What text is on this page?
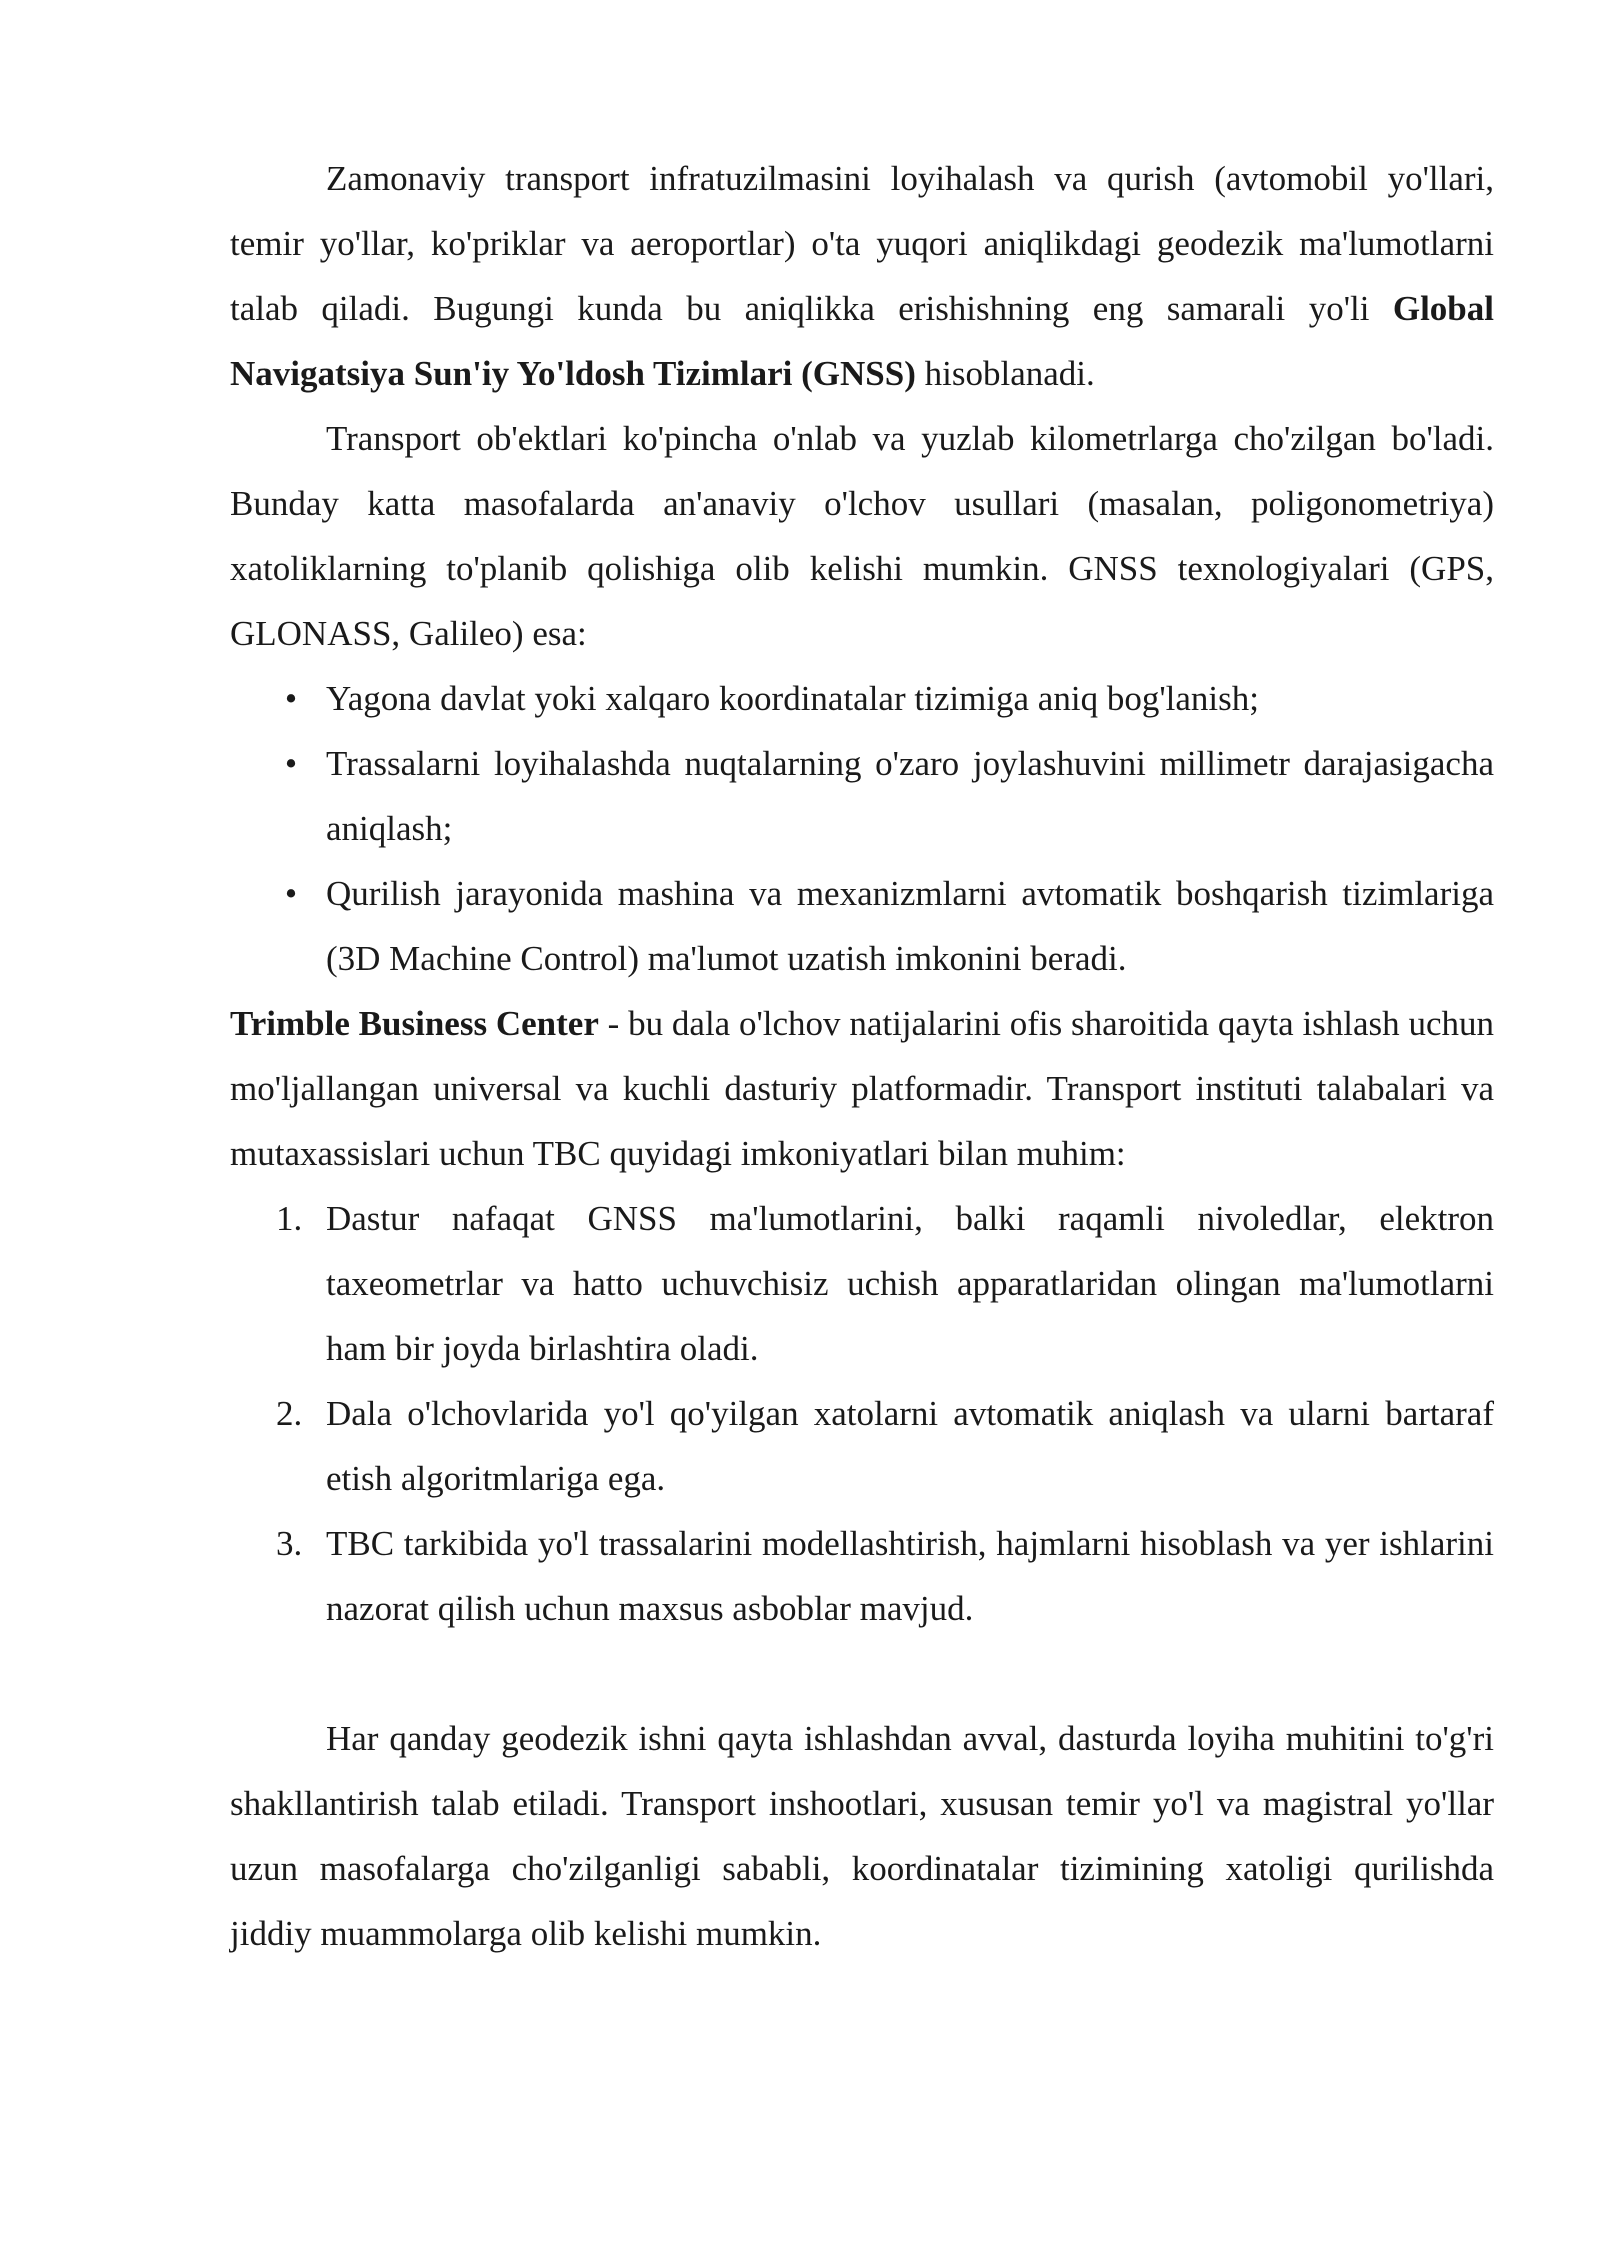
Zamonaviy transport infratuzilmasini loyihalash va qurish (avtomobil yo'llari, temir yo'llar, ko'priklar va aeroportlar) o'ta yuqori aniqlikdagi geodezik ma'lumotlarni talab qiladi. Bugungi kunda bu aniqlikka erishishning eng samarali yo'li Global Navigatsiya Sun'iy Yo'ldosh Tizimlari (GNSS) hisoblanadi.

Transport ob'ektlari ko'pincha o'nlab va yuzlab kilometrlarga cho'zilgan bo'ladi. Bunday katta masofalarda an'anaviy o'lchov usullari (masalan, poligonometriya) xatoliklarning to'planib qolishiga olib kelishi mumkin. GNSS texnologiyalari (GPS, GLONASS, Galileo) esa:

• Yagona davlat yoki xalqaro koordinatalar tizimiga aniq bog'lanish;
• Trassalarni loyihalashda nuqtalarning o'zaro joylashuvini millimetr darajasigacha aniqlash;
• Qurilish jarayonida mashina va mexanizmlarni avtomatik boshqarish tizimlariga (3D Machine Control) ma'lumot uzatish imkonini beradi.

Trimble Business Center - bu dala o'lchov natijalarini ofis sharoitida qayta ishlash uchun mo'ljallangan universal va kuchli dasturiy platformadir. Transport instituti talabalari va mutaxassislari uchun TBC quyidagi imkoniyatlari bilan muhim:

1. Dastur nafaqat GNSS ma'lumotlarini, balki raqamli nivoledlar, elektron taxeometrlar va hatto uchuvchisiz uchish apparatlaridan olingan ma'lumotlarni ham bir joyda birlashtira oladi.
2. Dala o'lchovlarida yo'l qo'yilgan xatolarni avtomatik aniqlash va ularni bartaraf etish algoritmlariga ega.
3. TBC tarkibida yo'l trassalarini modellashtirish, hajmlarni hisoblash va yer ishlarini nazorat qilish uchun maxsus asboblar mavjud.

Har qanday geodezik ishni qayta ishlashdan avval, dasturda loyiha muhitini to'g'ri shakllantirish talab etiladi. Transport inshootlari, xususan temir yo'l va magistral yo'llar uzun masofalarga cho'zilganligi sababli, koordinatalar tizimining xatoligi qurilishda jiddiy muammolarga olib kelishi mumkin.
